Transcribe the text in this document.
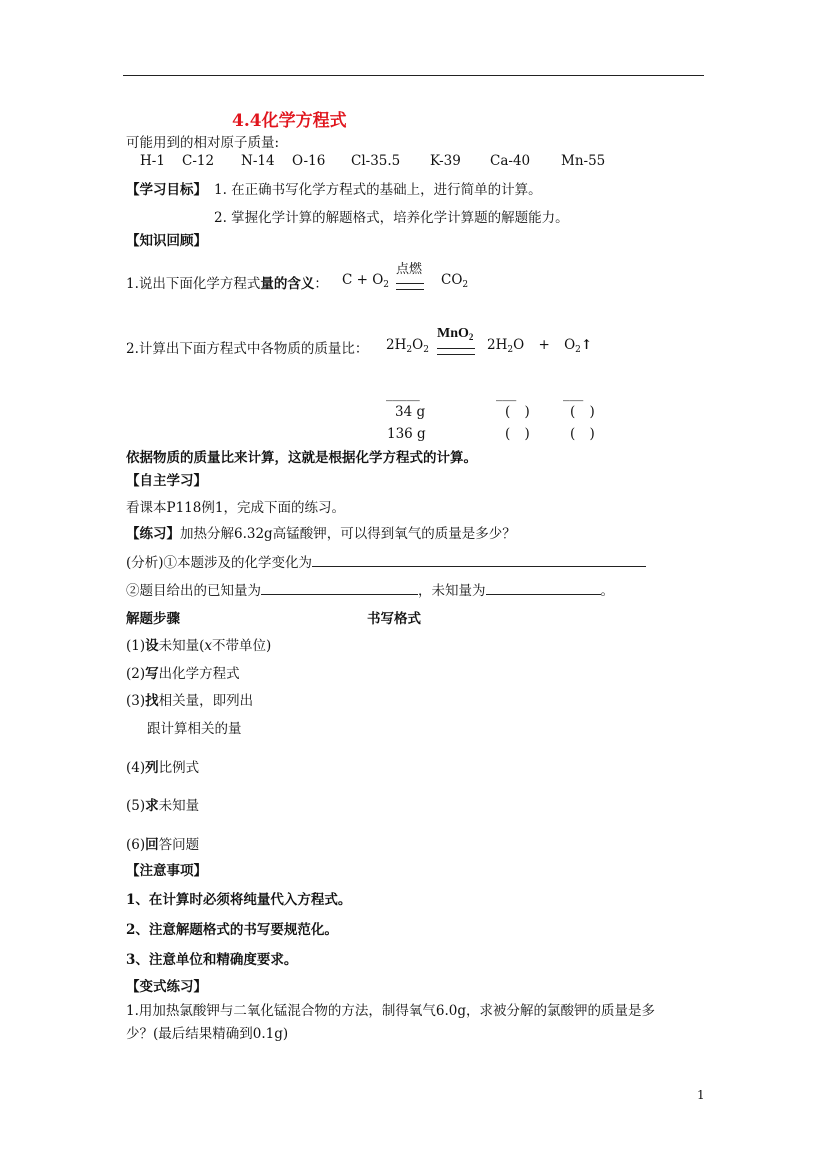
4.4化学方程式
可能用到的相对原子质量:
H-1 C-12 N-14 O-16 Cl-35.5 K-39 Ca-40 Mn-55
【学习目标】 1. 在正确书写化学方程式的基础上，进行简单的计算。
2. 掌握化学计算的解题格式，培养化学计算题的解题能力。
【知识回顾】
1.说出下面化学方程式量的含义： $C + O_2$
点燃
$CO_2$
2.计算出下面方程式中各物质的质量比： $2H_2O_2$
MnO$_2$ $2H_2O$ + $O_2↑$
_____	___	___
34 g	( )	( )
136 g	( )	( )
依据物质的质量比来计算，这就是根据化学方程式的计算。
【自主学习】
看课本P118例1，完成下面的练习。
【练习】加热分解6.32g高锰酸钾，可以得到氧气的质量是多少？
(分析)①本题涉及的化学变化为
②题目给出的已知量为	，未知量为	。
解题步骤	书写格式
(1)设未知量(x不带单位)
(2)写出化学方程式
(3)找相关量，即列出
跟计算相关的量
(4)列比例式
(5)求未知量
(6)回答问题
【注意事项】
1、在计算时必须将纯量代入方程式。
2、注意解题格式的书写要规范化。
3、注意单位和精确度要求。
【变式练习】
1.用加热氯酸钾与二氧化锰混合物的方法，制得氧气6.0g，求被分解的氯酸钾的质量是多
少？(最后结果精确到0.1g)
1
